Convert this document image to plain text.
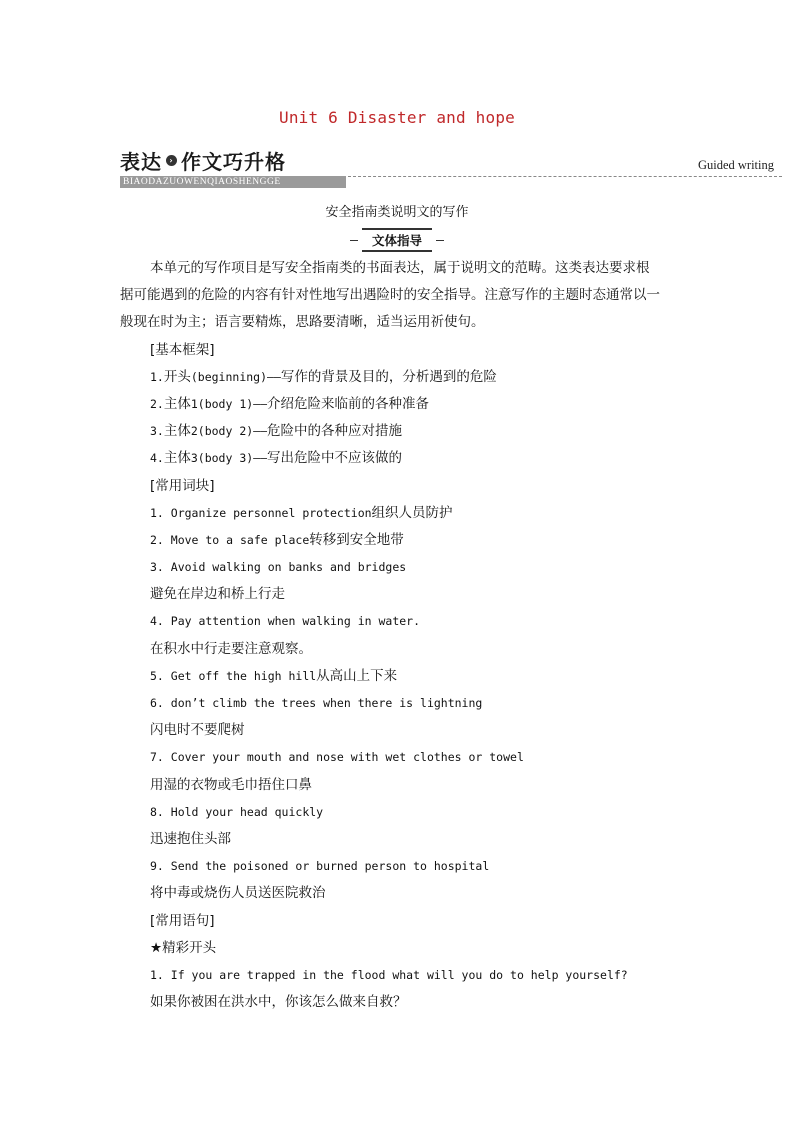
Unit 6 Disaster and hope
表达 › 作文巧升格
BIAODAZUOWENQIAOSHENGGE
Guided writing
安全指南类说明文的写作
文体指导
本单元的写作项目是写安全指南类的书面表达，属于说明文的范畴。这类表达要求根
据可能遇到的危险的内容有针对性地写出遇险时的安全指导。注意写作的主题时态通常以一
般现在时为主；语言要精炼，思路要清晰，适当运用祈使句。
[基本框架]
1.开头(beginning)——写作的背景及目的，分析遇到的危险
2.主体1(body 1)——介绍危险来临前的各种准备
3.主体2(body 2)——危险中的各种应对措施
4.主体3(body 3)——写出危险中不应该做的
[常用词块]
1. Organize personnel protection组织人员防护
2. Move to a safe place转移到安全地带
3. Avoid walking on banks and bridges
避免在岸边和桥上行走
4. Pay attention when walking in water.
在积水中行走要注意观察。
5. Get off the high hill从高山上下来
6. don’t climb the trees when there is lightning
闪电时不要爬树
7. Cover your mouth and nose with wet clothes or towel
用湿的衣物或毛巾捂住口鼻
8. Hold your head quickly
迅速抱住头部
9. Send the poisoned or burned person to hospital
将中毒或烧伤人员送医院救治
[常用语句]
★精彩开头
1. If you are trapped in the flood what will you do to help yourself?
如果你被困在洪水中，你该怎么做来自救？
